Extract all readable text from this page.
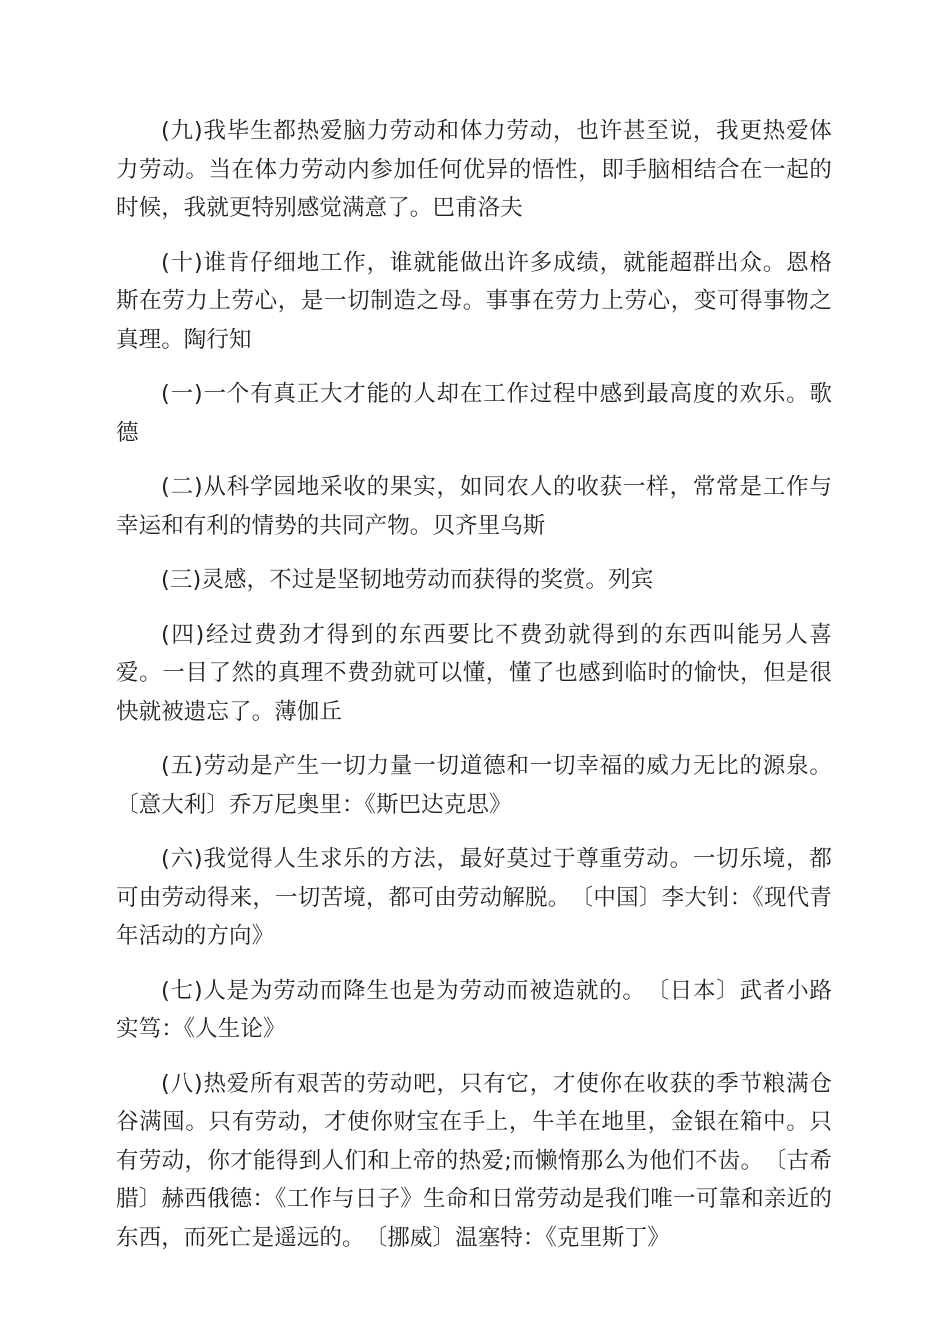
(九)我毕生都热爱脑力劳动和体力劳动，也许甚至说，我更热爱体力劳动。当在体力劳动内参加任何优异的悟性，即手脑相结合在一起的时候，我就更特别感觉满意了。巴甫洛夫

(十)谁肯仔细地工作，谁就能做出许多成绩，就能超群出众。恩格斯在劳力上劳心，是一切制造之母。事事在劳力上劳心，变可得事物之真理。陶行知

(一)一个有真正大才能的人却在工作过程中感到最高度的欢乐。歌德

(二)从科学园地采收的果实，如同农人的收获一样，常常是工作与幸运和有利的情势的共同产物。贝齐里乌斯

(三)灵感，不过是坚韧地劳动而获得的奖赏。列宾

(四)经过费劲才得到的东西要比不费劲就得到的东西叫能另人喜爱。一目了然的真理不费劲就可以懂，懂了也感到临时的愉快，但是很快就被遗忘了。薄伽丘

(五)劳动是产生一切力量一切道德和一切幸福的威力无比的源泉。〔意大利〕乔万尼奥里：《斯巴达克思》

(六)我觉得人生求乐的方法，最好莫过于尊重劳动。一切乐境，都可由劳动得来，一切苦境，都可由劳动解脱。　〔中国〕李大钊：《现代青年活动的方向》

(七)人是为劳动而降生也是为劳动而被造就的。　〔日本〕武者小路实笃：《人生论》

(八)热爱所有艰苦的劳动吧，只有它，才使你在收获的季节粮满仓谷满囤。只有劳动，才使你财宝在手上，牛羊在地里，金银在箱中。只有劳动，你才能得到人们和上帝的热爱;而懒惰那么为他们不齿。　〔古希腊〕赫西俄德：《工作与日子》生命和日常劳动是我们唯一可靠和亲近的东西，而死亡是遥远的。　〔挪威〕温塞特：《克里斯丁》
